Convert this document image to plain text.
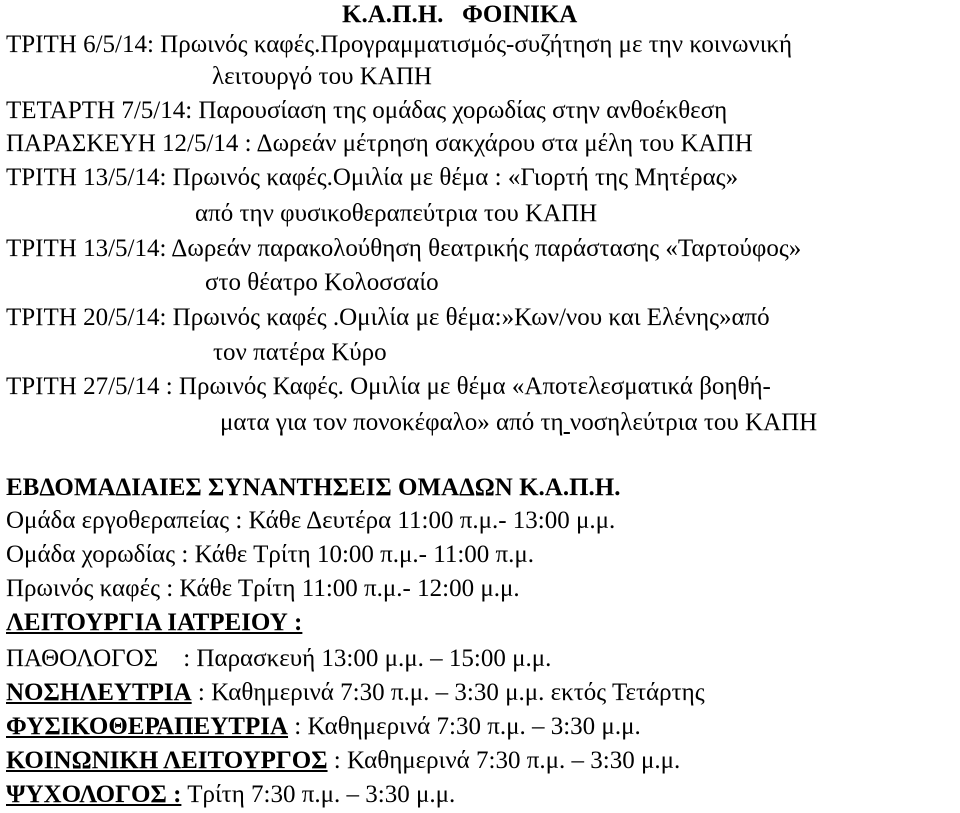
Κ.Α.Π.Η. ΦΟΙΝΙΚΑ
ΤΡΙΤΗ 6/5/14: Πρωινός καφές.Προγραμματισμός-συζήτηση με την κοινωνική
λειτουργό του ΚΑΠΗ
ΤΕΤΑΡΤΗ 7/5/14: Παρουσίαση της ομάδας χορωδίας στην ανθοέκθεση
ΠΑΡΑΣΚΕΥΗ 12/5/14 : Δωρεάν μέτρηση σακχάρου στα μέλη του ΚΑΠΗ
ΤΡΙΤΗ 13/5/14: Πρωινός καφές.Ομιλία με θέμα : «Γιορτή της Μητέρας»
από την φυσικοθεραπεύτρια του ΚΑΠΗ
ΤΡΙΤΗ 13/5/14: Δωρεάν παρακολούθηση θεατρικής παράστασης «Ταρτούφος»
στο θέατρο Κολοσσαίο
ΤΡΙΤΗ 20/5/14: Πρωινός καφές .Ομιλία με θέμα:»Κων/νου και Ελένης»από
τον πατέρα Κύρο
ΤΡΙΤΗ 27/5/14 : Πρωινός Καφές. Ομιλία με θέμα «Αποτελεσματικά βοηθή-
ματα για τον πονοκέφαλο» από τη νοσηλεύτρια του ΚΑΠΗ
ΕΒΔΟΜΑΔΙΑΙΕΣ ΣΥΝΑΝΤΗΣΕΙΣ ΟΜΑΔΩΝ Κ.Α.Π.Η.
Ομάδα εργοθεραπείας : Κάθε Δευτέρα 11:00 π.μ.- 13:00 μ.μ.
Ομάδα χορωδίας : Κάθε Τρίτη 10:00 π.μ.- 11:00 π.μ.
Πρωινός καφές : Κάθε Τρίτη 11:00 π.μ.- 12:00 μ.μ.
ΛΕΙΤΟΥΡΓΙΑ ΙΑΤΡΕΙΟΥ :
ΠΑΘΟΛΟΓΟΣ    : Παρασκευή 13:00 μ.μ. – 15:00 μ.μ.
ΝΟΣΗΛΕΥΤΡΙΑ : Καθημερινά 7:30 π.μ. – 3:30 μ.μ. εκτός Τετάρτης
ΦΥΣΙΚΟΘΕΡΑΠΕΥΤΡΙΑ : Καθημερινά 7:30 π.μ. – 3:30 μ.μ.
ΚΟΙΝΩΝΙΚΗ ΛΕΙΤΟΥΡΓΟΣ : Καθημερινά 7:30 π.μ. – 3:30 μ.μ.
ΨΥΧΟΛΟΓΟΣ : Τρίτη 7:30 π.μ. – 3:30 μ.μ.
